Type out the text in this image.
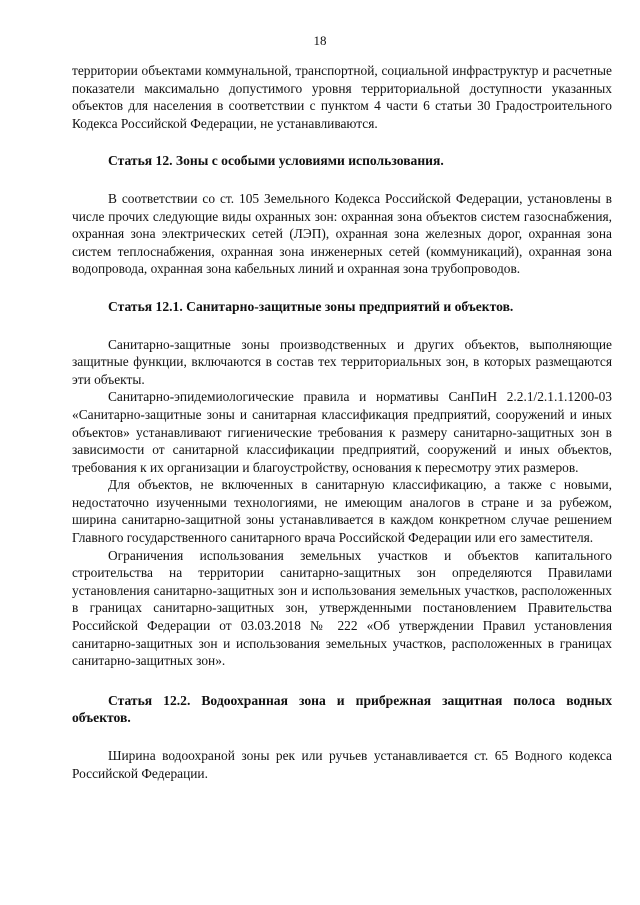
18

территории объектами коммунальной, транспортной, социальной инфраструктур и расчетные показатели максимально допустимого уровня территориальной доступности указанных объектов для населения в соответствии с пунктом 4 части 6 статьи 30 Градостроительного Кодекса Российской Федерации, не устанавливаются.

Статья 12. Зоны с особыми условиями использования.

В соответствии со ст. 105 Земельного Кодекса Российской Федерации, установлены в числе прочих следующие виды охранных зон: охранная зона объектов систем газоснабжения, охранная зона электрических сетей (ЛЭП), охранная зона железных дорог, охранная зона систем теплоснабжения, охранная зона инженерных сетей (коммуникаций), охранная зона водопровода, охранная зона кабельных линий и охранная зона трубопроводов.

Статья 12.1. Санитарно-защитные зоны предприятий и объектов.

Санитарно-защитные зоны производственных и других объектов, выполняющие защитные функции, включаются в состав тех территориальных зон, в которых размещаются эти объекты.

Санитарно-эпидемиологические правила и нормативы СанПиН 2.2.1/2.1.1.1200-03 «Санитарно-защитные зоны и санитарная классификация предприятий, сооружений и иных объектов» устанавливают гигиенические требования к размеру санитарно-защитных зон в зависимости от санитарной классификации предприятий, сооружений и иных объектов, требования к их организации и благоустройству, основания к пересмотру этих размеров.

Для объектов, не включенных в санитарную классификацию, а также с новыми, недостаточно изученными технологиями, не имеющим аналогов в стране и за рубежом, ширина санитарно-защитной зоны устанавливается в каждом конкретном случае решением Главного государственного санитарного врача Российской Федерации или его заместителя.

Ограничения использования земельных участков и объектов капитального строительства на территории санитарно-защитных зон определяются Правилами установления санитарно-защитных зон и использования земельных участков, расположенных в границах санитарно-защитных зон, утвержденными постановлением Правительства Российской Федерации от 03.03.2018 № 222 «Об утверждении Правил установления санитарно-защитных зон и использования земельных участков, расположенных в границах санитарно-защитных зон».

Статья 12.2. Водоохранная зона и прибрежная защитная полоса водных объектов.

Ширина водоохраной зоны рек или ручьев устанавливается ст. 65 Водного кодекса Российской Федерации.
